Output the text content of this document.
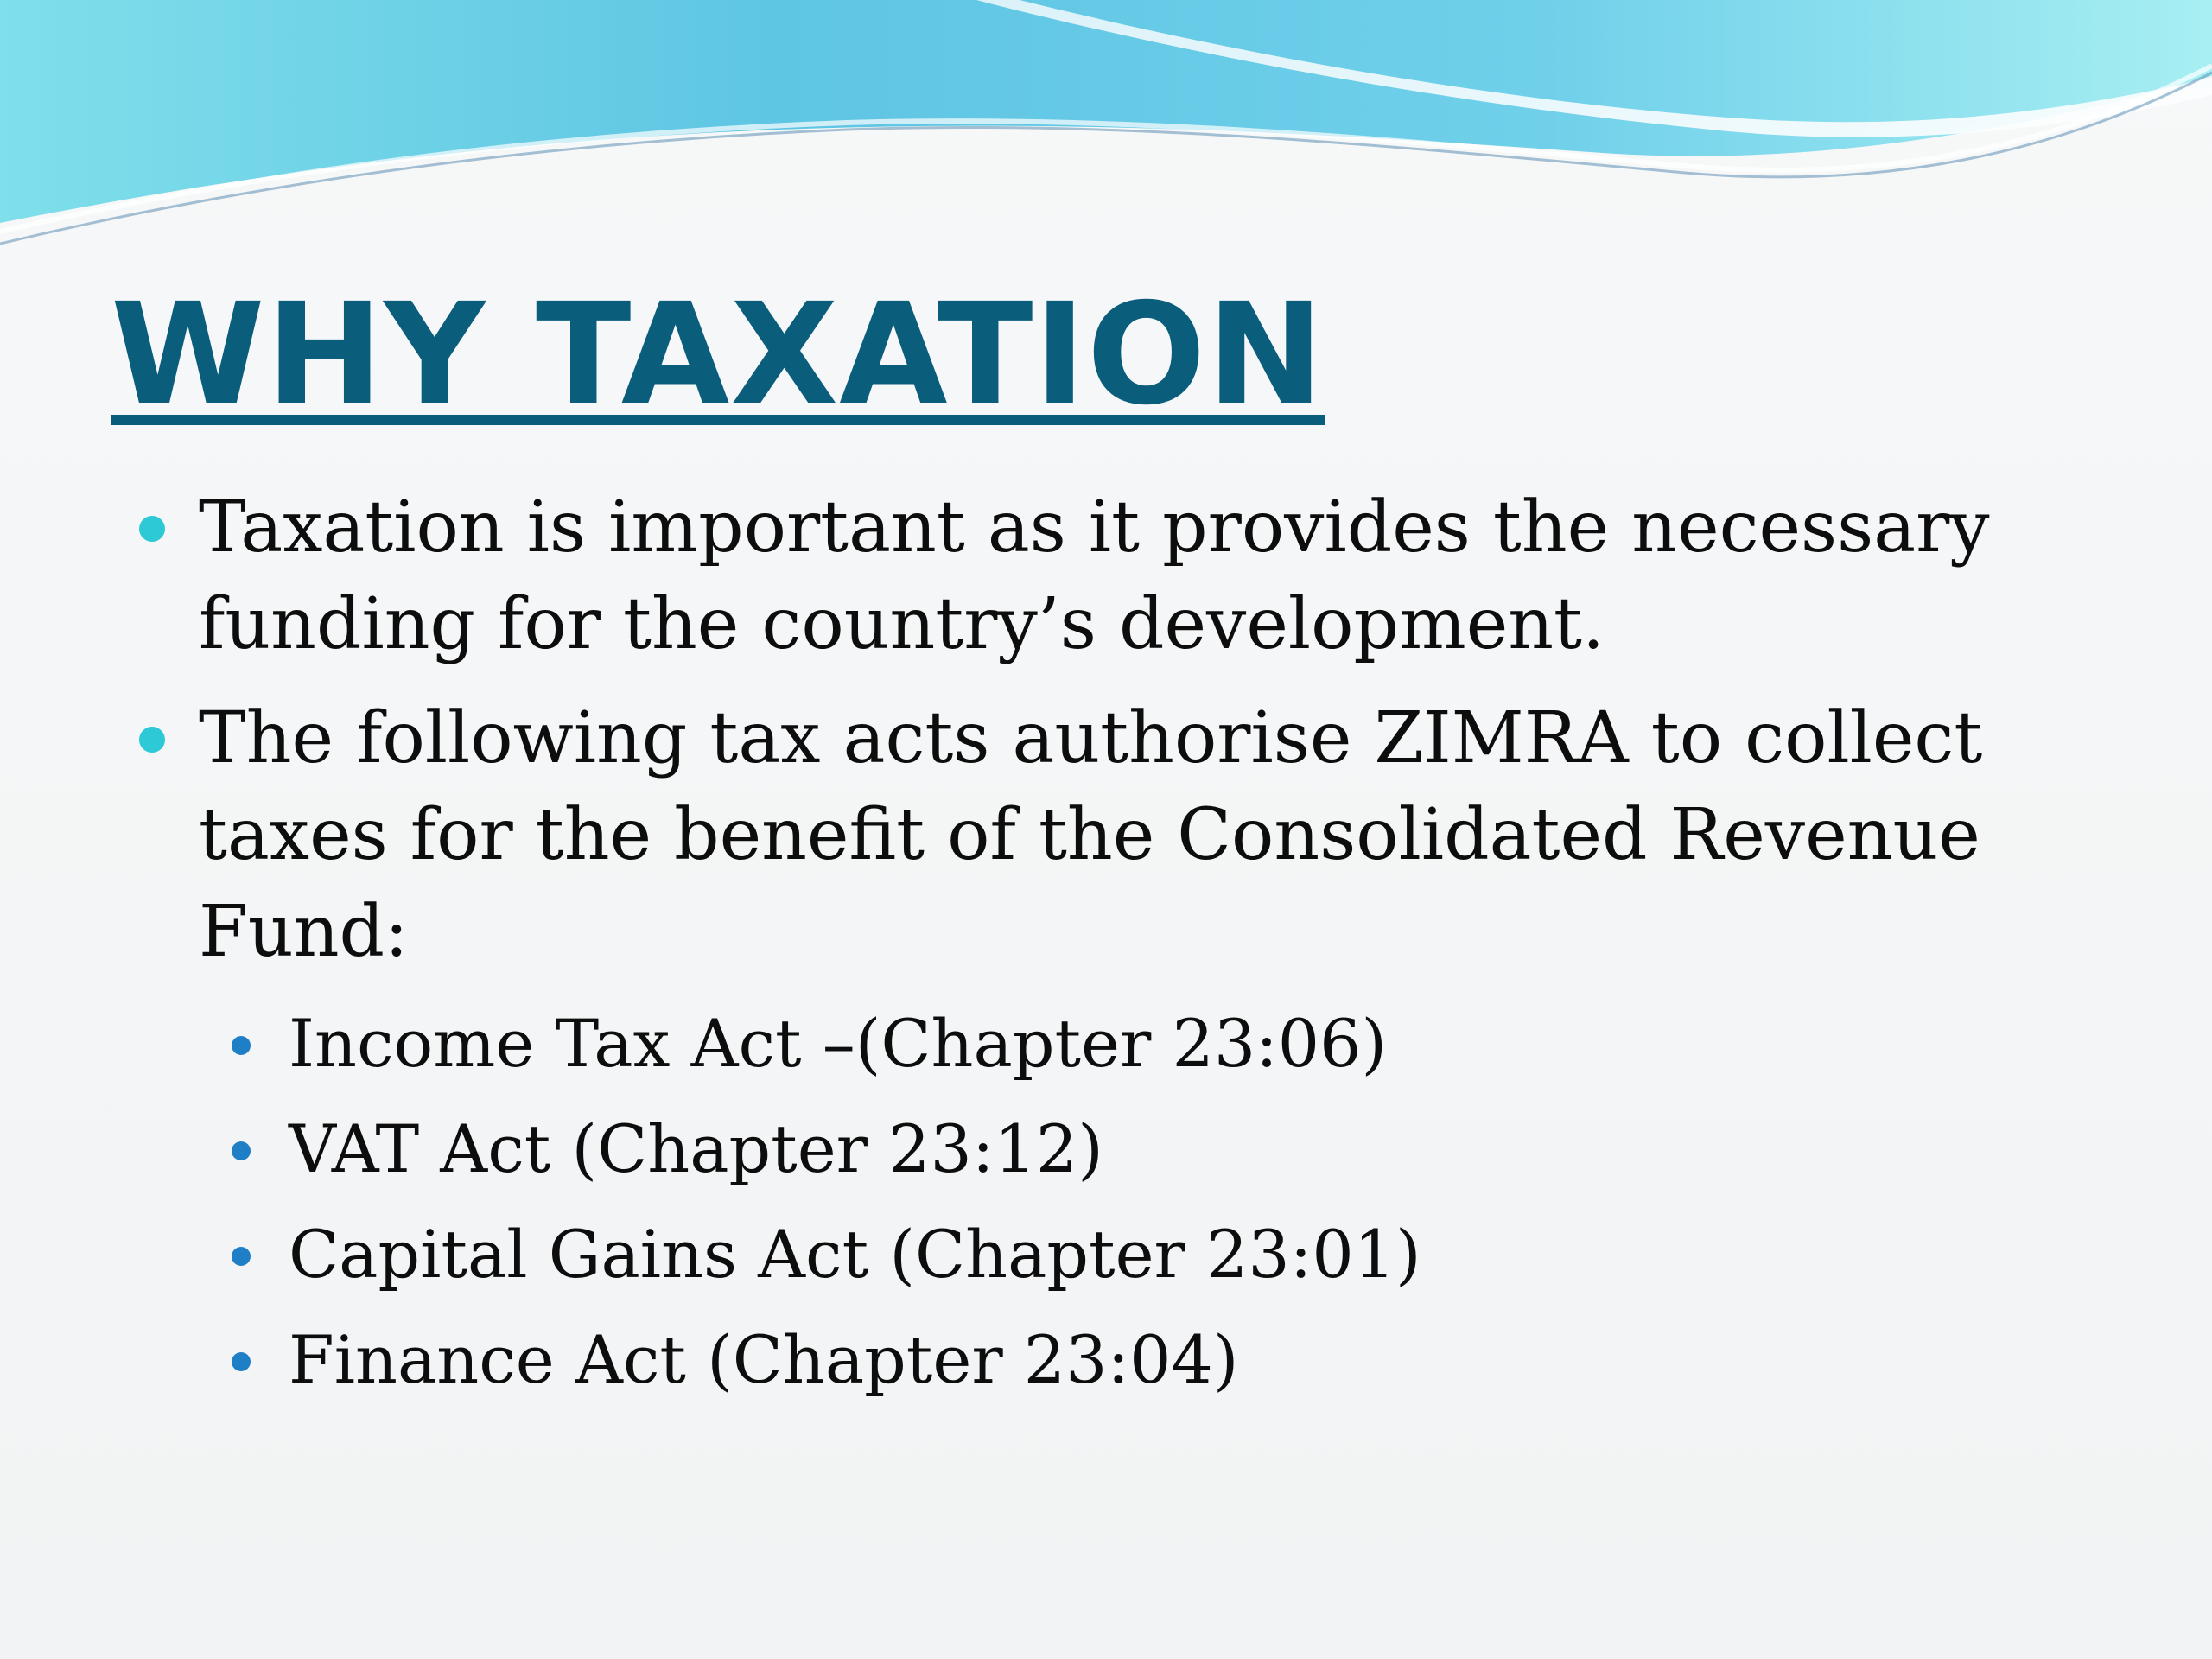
WHY TAXATION
Taxation is important as it provides the necessary funding for the country’s development.
The following tax acts authorise ZIMRA to collect taxes for the benefit of the Consolidated Revenue Fund:
Income Tax Act –(Chapter 23:06)
VAT Act (Chapter 23:12)
Capital Gains Act (Chapter 23:01)
Finance Act (Chapter 23:04)
